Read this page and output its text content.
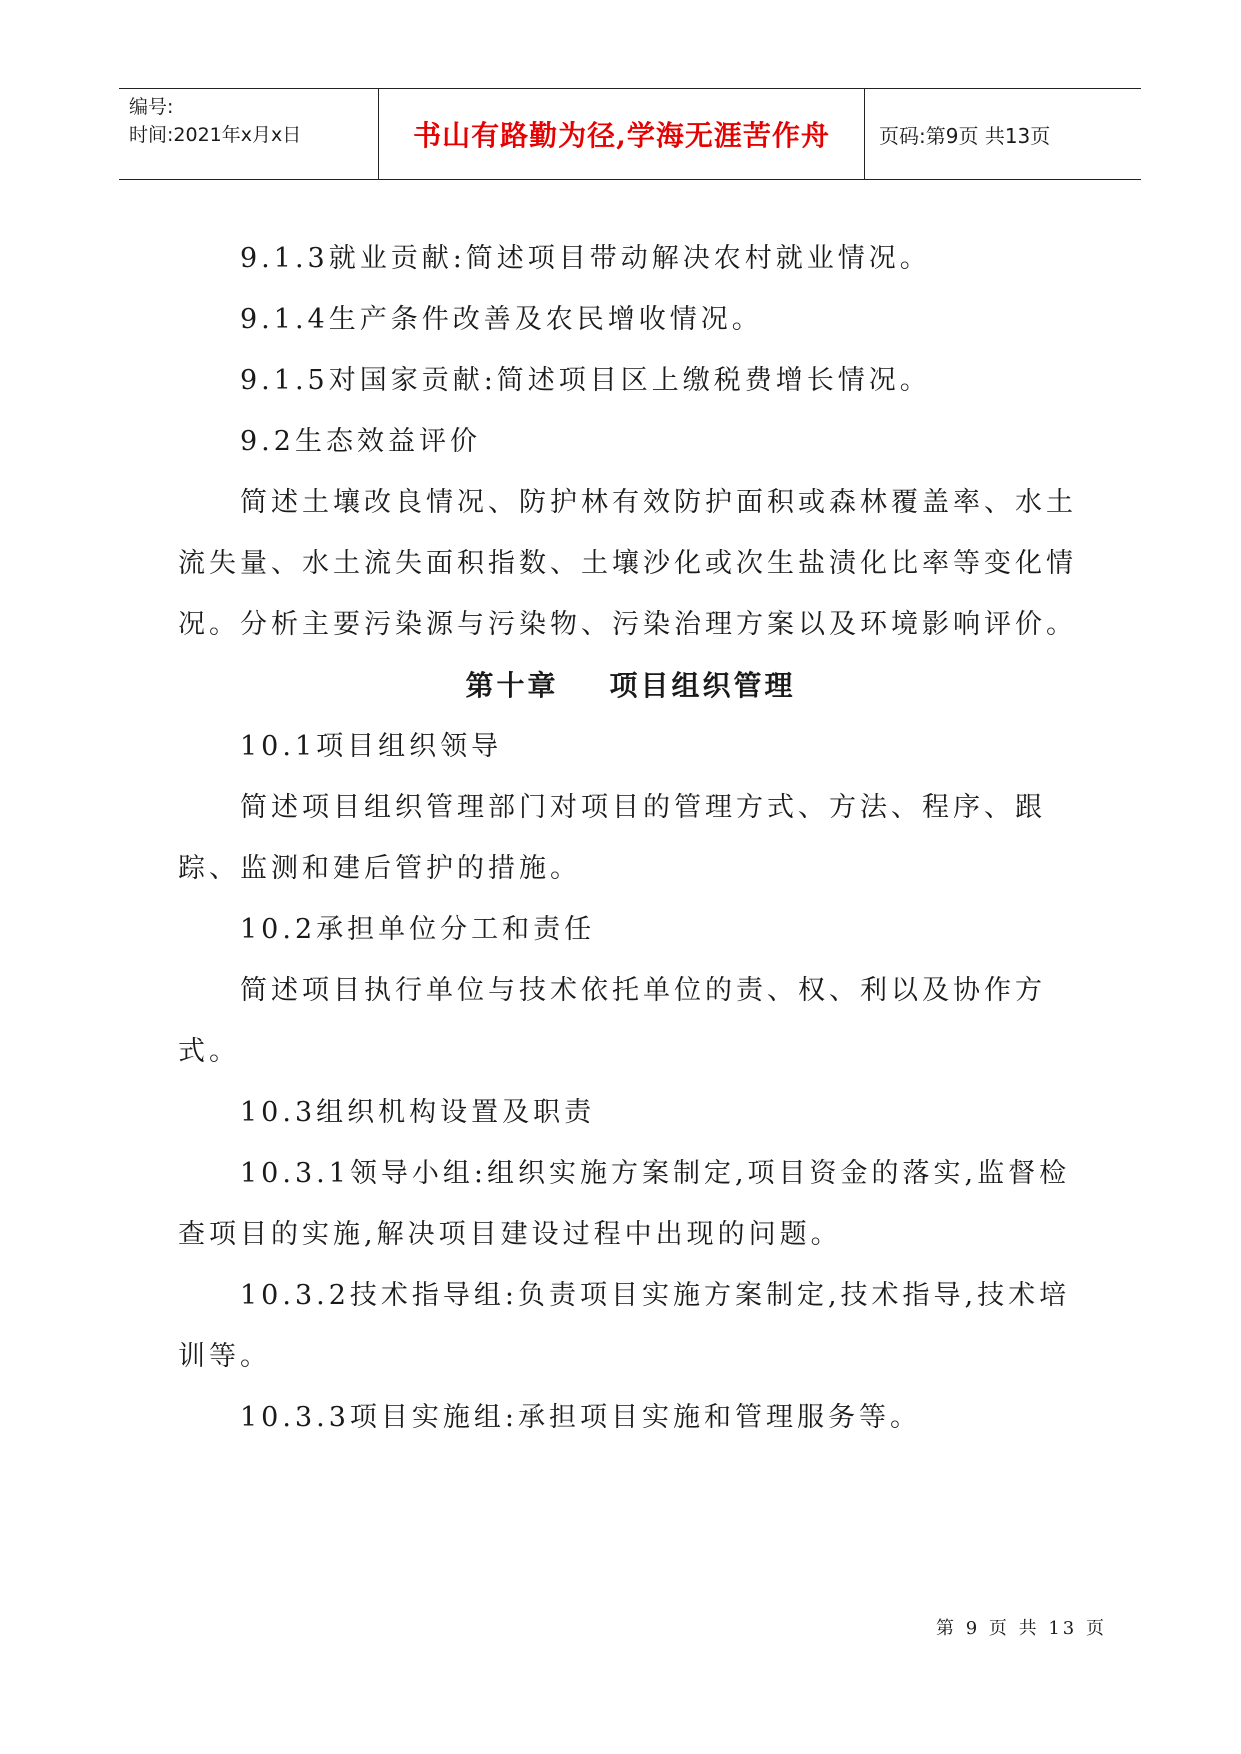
编号:
时间:2021年x月x日	书山有路勤为径,学海无涯苦作舟	页码:第9页 共13页

9.1.3就业贡献:简述项目带动解决农村就业情况。

9.1.4生产条件改善及农民增收情况。

9.1.5对国家贡献:简述项目区上缴税费增长情况。

9.2生态效益评价

简述土壤改良情况、防护林有效防护面积或森林覆盖率、水土流失量、水土流失面积指数、土壤沙化或次生盐渍化比率等变化情况。分析主要污染源与污染物、污染治理方案以及环境影响评价。

第十章    项目组织管理

10.1项目组织领导

简述项目组织管理部门对项目的管理方式、方法、程序、跟踪、监测和建后管护的措施。

10.2承担单位分工和责任

简述项目执行单位与技术依托单位的责、权、利以及协作方式。

10.3组织机构设置及职责

10.3.1领导小组:组织实施方案制定,项目资金的落实,监督检查项目的实施,解决项目建设过程中出现的问题。

10.3.2技术指导组:负责项目实施方案制定,技术指导,技术培训等。

10.3.3项目实施组:承担项目实施和管理服务等。

第 9 页 共 13 页
